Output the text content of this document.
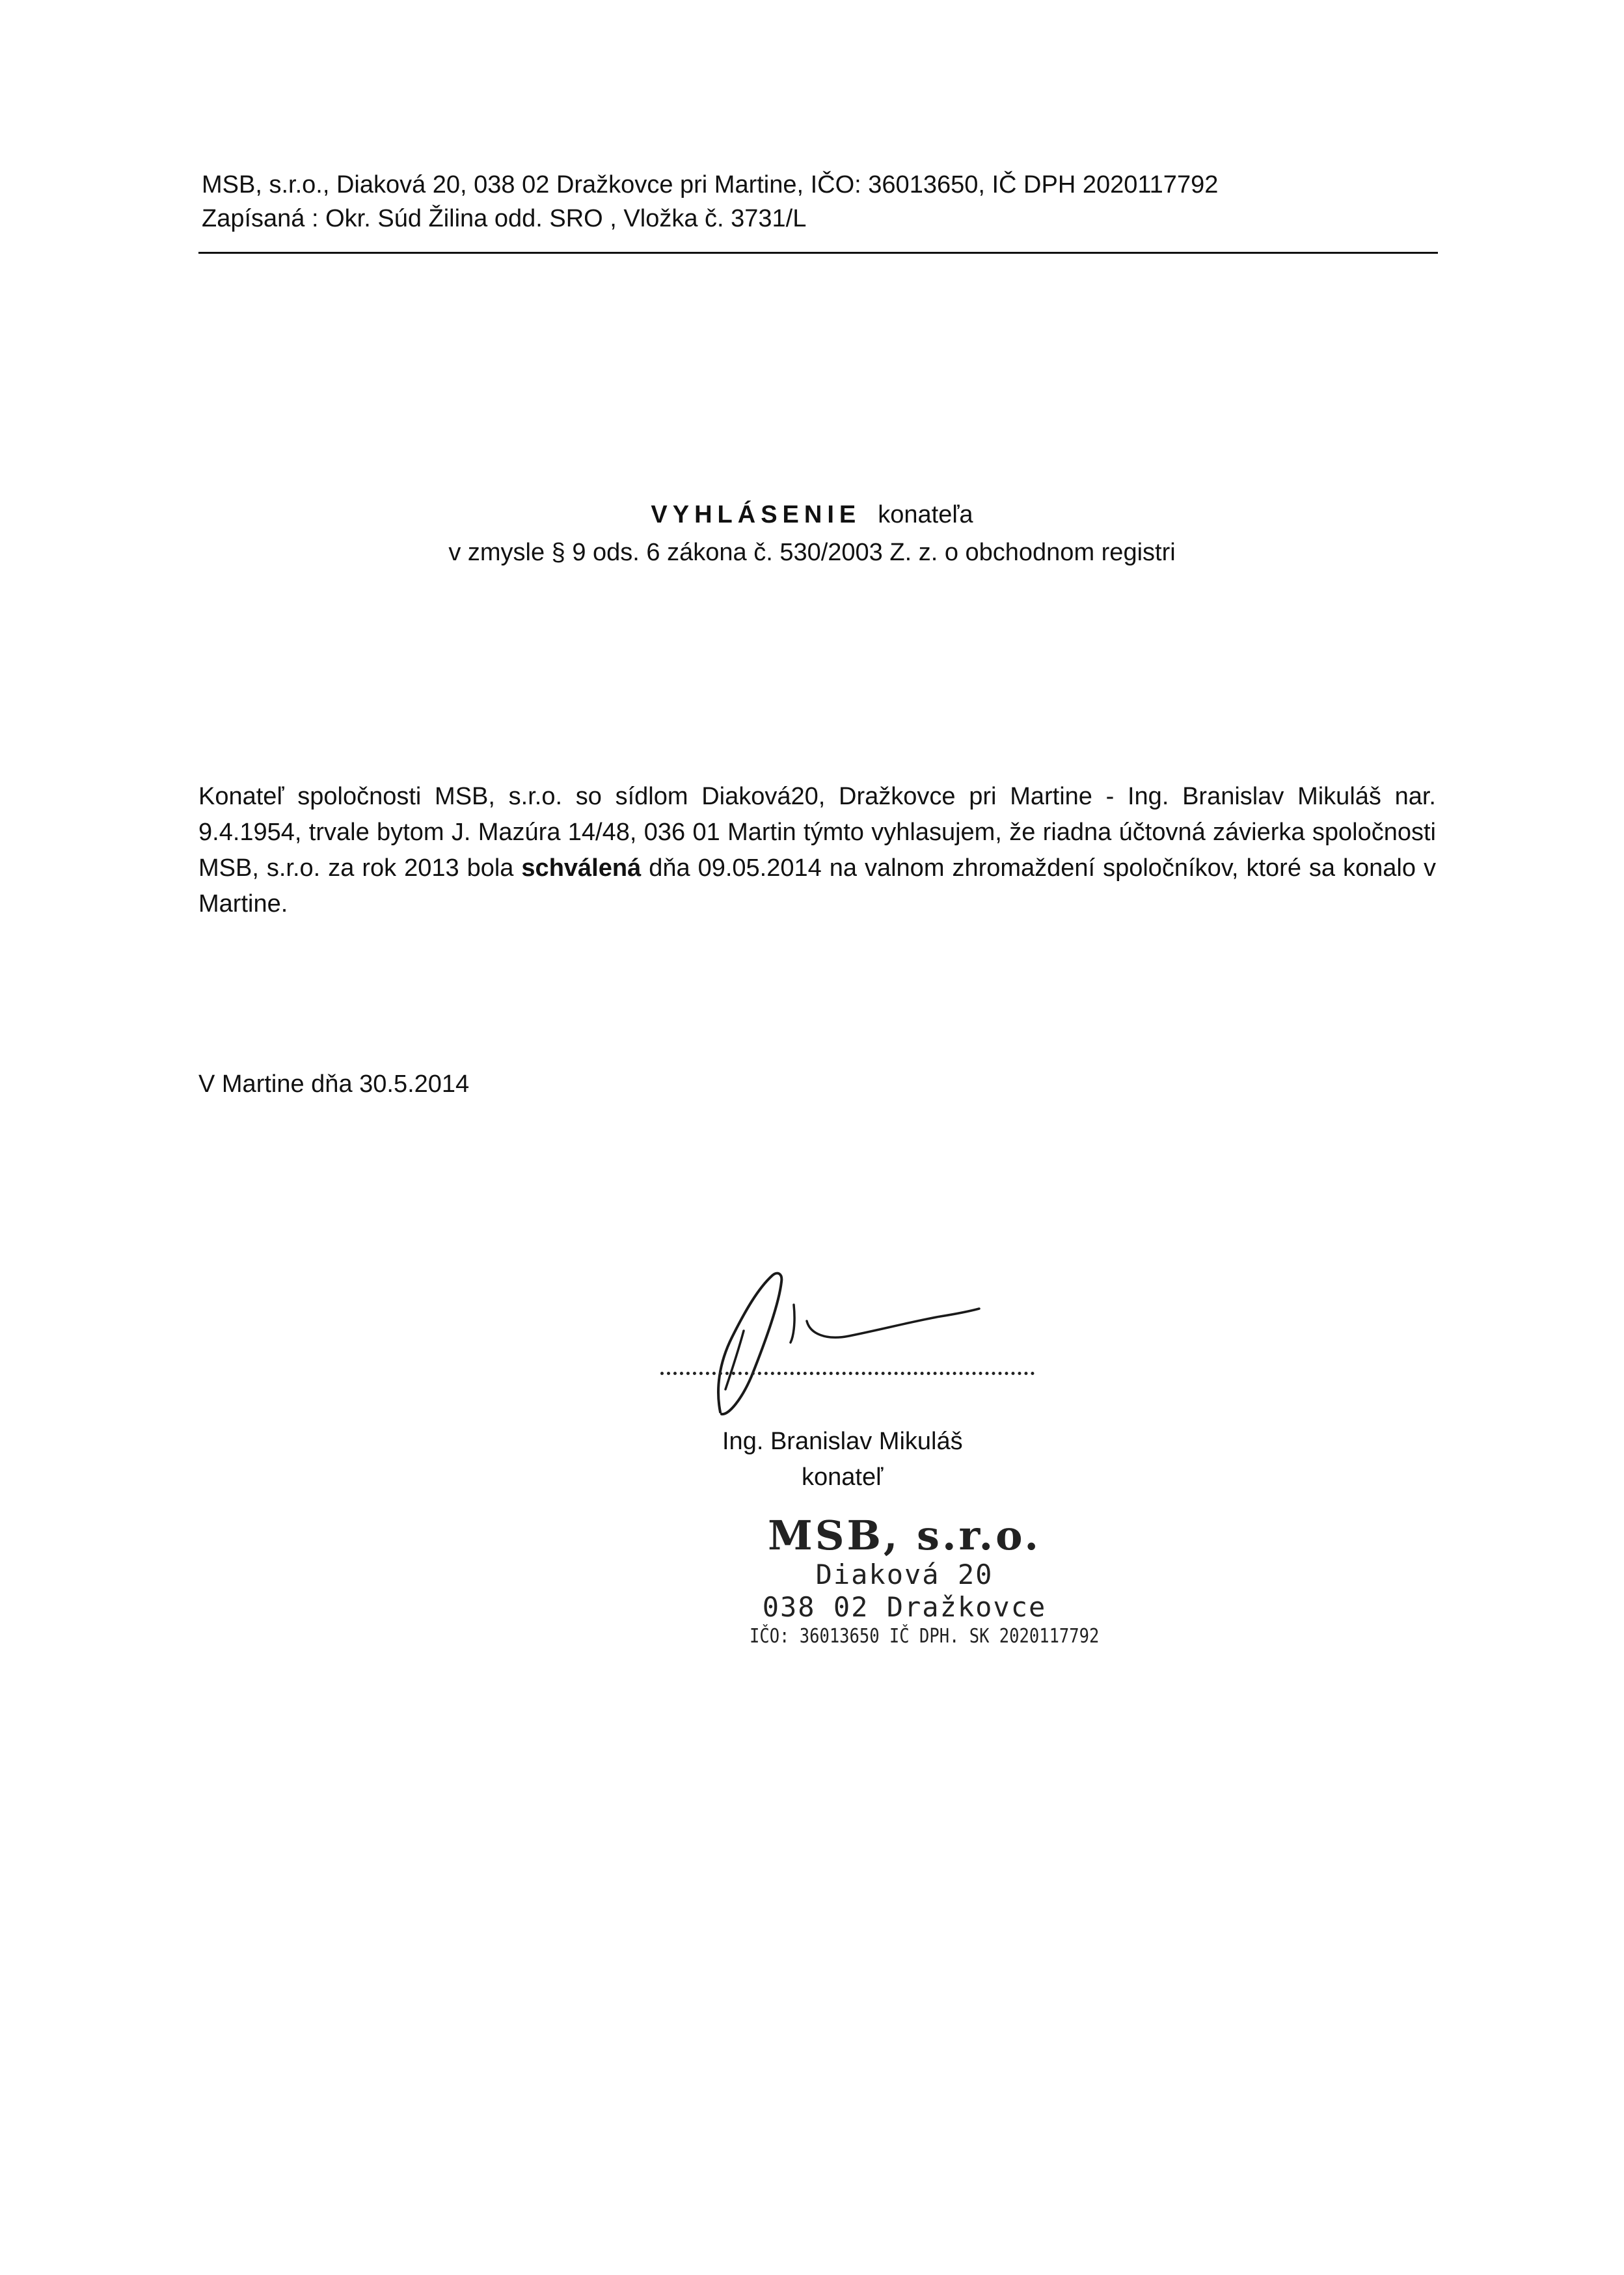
MSB, s.r.o., Diaková 20, 038 02 Dražkovce pri Martine, IČO: 36013650, IČ DPH 2020117792
Zapísaná : Okr. Súd Žilina odd. SRO , Vložka č. 3731/L
VYHLÁSENIE konateľa
v zmysle § 9 ods. 6 zákona č. 530/2003 Z. z. o obchodnom registri
Konateľ spoločnosti MSB, s.r.o. so sídlom Diaková20, Dražkovce pri Martine - Ing. Branislav Mikuláš nar. 9.4.1954, trvale bytom J. Mazúra 14/48, 036 01 Martin týmto vyhlasujem, že riadna účtovná závierka spoločnosti MSB, s.r.o. za rok 2013 bola schválená dňa 09.05.2014 na valnom zhromaždení spoločníkov, ktoré sa konalo v Martine.
V Martine dňa 30.5.2014
Ing. Branislav Mikuláš
konateľ
MSB, s.r.o.
Diaková 20
038 02 Dražkovce
IČO: 36013650 IČ DPH. SK 2020117792
